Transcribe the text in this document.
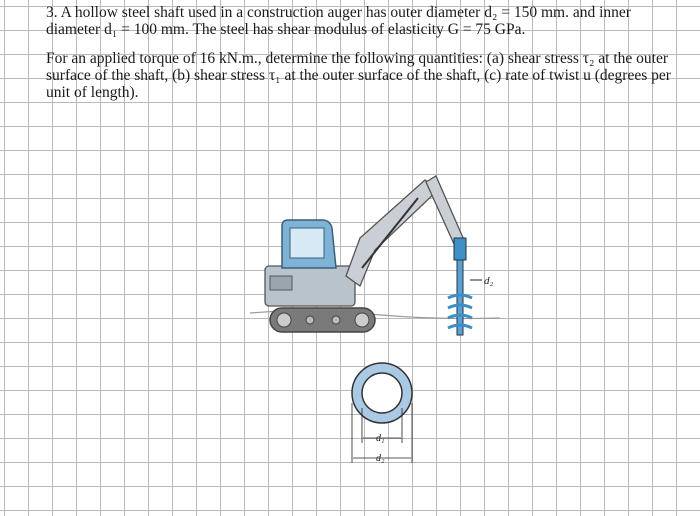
3. A hollow steel shaft used in a construction auger has outer diameter d₂ = 150 mm. and inner diameter d₁ = 100 mm. The steel has shear modulus of elasticity G = 75 GPa.

For an applied torque of 16 kN.m., determine the following quantities: (a) shear stress τ₂ at the outer surface of the shaft, (b) shear stress τ₁ at the outer surface of the shaft, (c) rate of twist u (degrees per unit of length).

d₂
d₁
d₂
